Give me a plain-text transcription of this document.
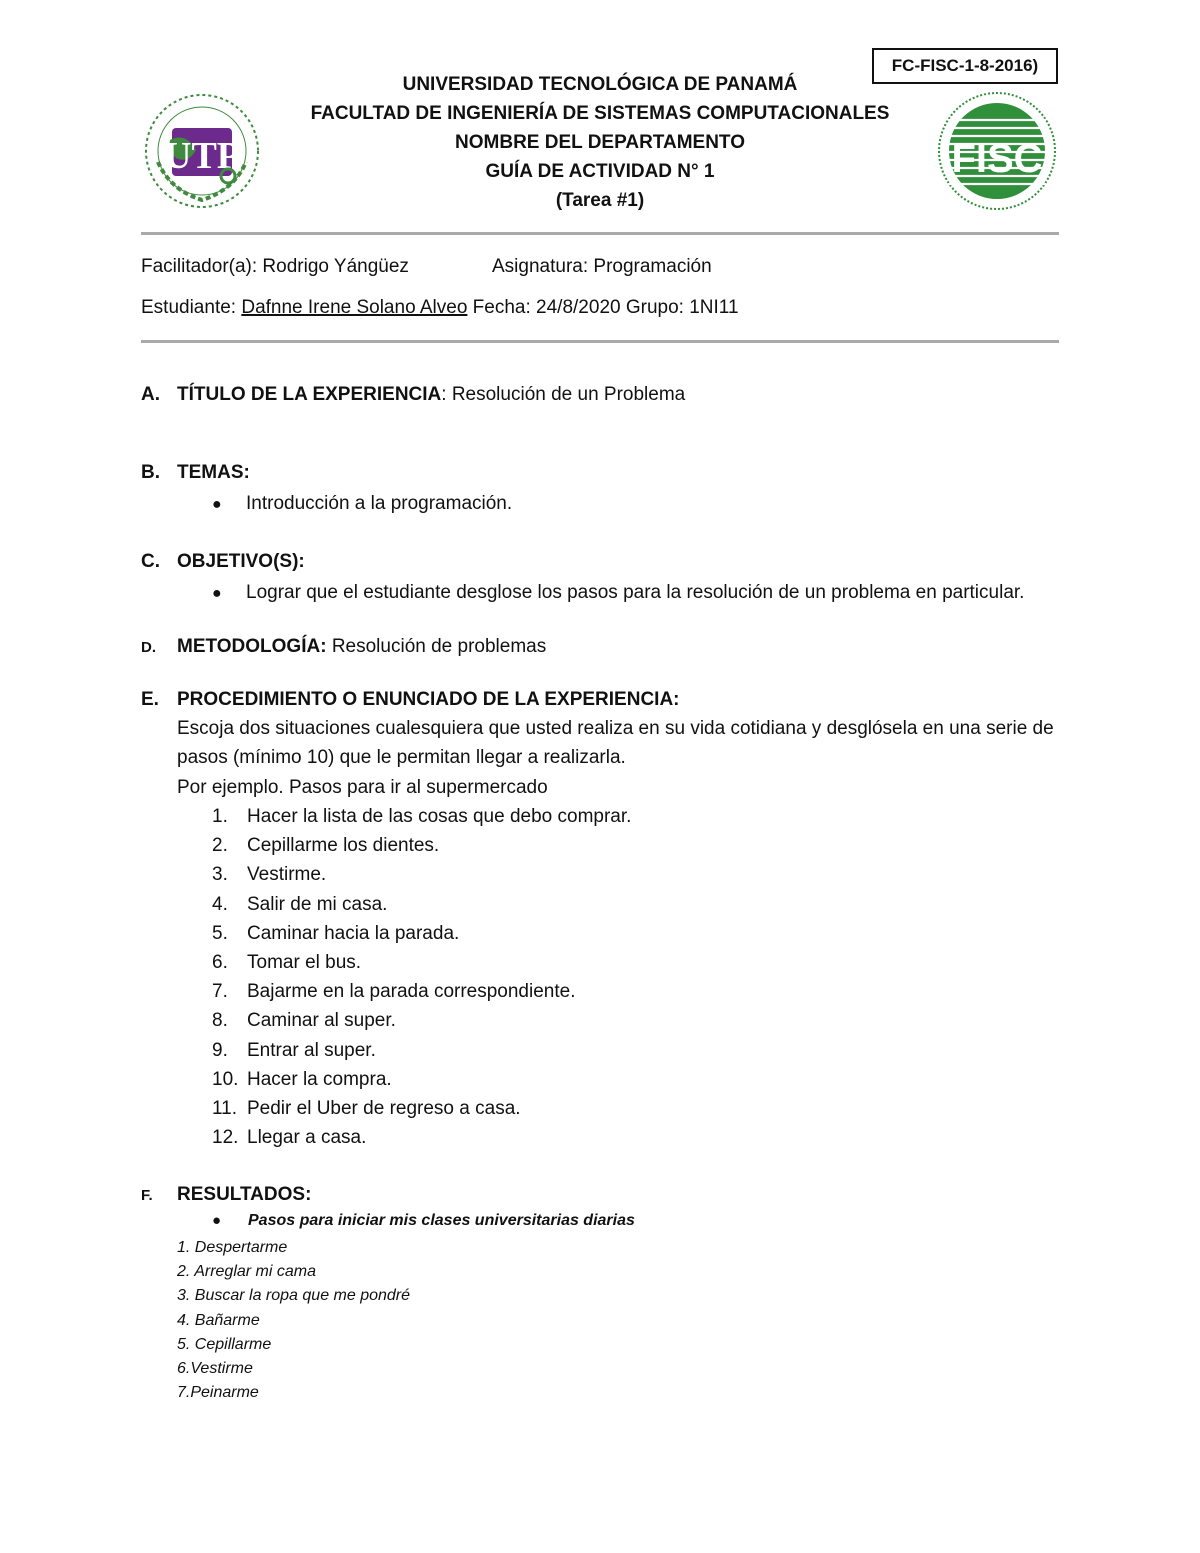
FC-FISC-1-8-2016)
UTP
UNIVERSIDAD TECNOLÓGICA DE PANAMÁ
FACULTAD DE INGENIERÍA DE SISTEMAS COMPUTACIONALES
NOMBRE DEL DEPARTAMENTO
GUÍA DE ACTIVIDAD N° 1
(Tarea #1)
FISC
Facilitador(a): Rodrigo Yángüez	Asignatura: Programación
Estudiante: Dafnne Irene Solano Alveo Fecha: 24/8/2020 Grupo: 1NI11
A. TÍTULO DE LA EXPERIENCIA: Resolución de un Problema
B. TEMAS:
● Introducción a la programación.
C. OBJETIVO(S):
● Lograr que el estudiante desglose los pasos para la resolución de un problema en particular.
D. METODOLOGÍA: Resolución de problemas
E. PROCEDIMIENTO O ENUNCIADO DE LA EXPERIENCIA:
Escoja dos situaciones cualesquiera que usted realiza en su vida cotidiana y desglósela en una serie de pasos (mínimo 10) que le permitan llegar a realizarla.
Por ejemplo. Pasos para ir al supermercado
1. Hacer la lista de las cosas que debo comprar.
2. Cepillarme los dientes.
3. Vestirme.
4. Salir de mi casa.
5. Caminar hacia la parada.
6. Tomar el bus.
7. Bajarme en la parada correspondiente.
8. Caminar al super.
9. Entrar al super.
10. Hacer la compra.
11. Pedir el Uber de regreso a casa.
12. Llegar a casa.
F. RESULTADOS:
● Pasos para iniciar mis clases universitarias diarias
1. Despertarme
2. Arreglar mi cama
3. Buscar la ropa que me pondré
4. Bañarme
5. Cepillarme
6.Vestirme
7.Peinarme
